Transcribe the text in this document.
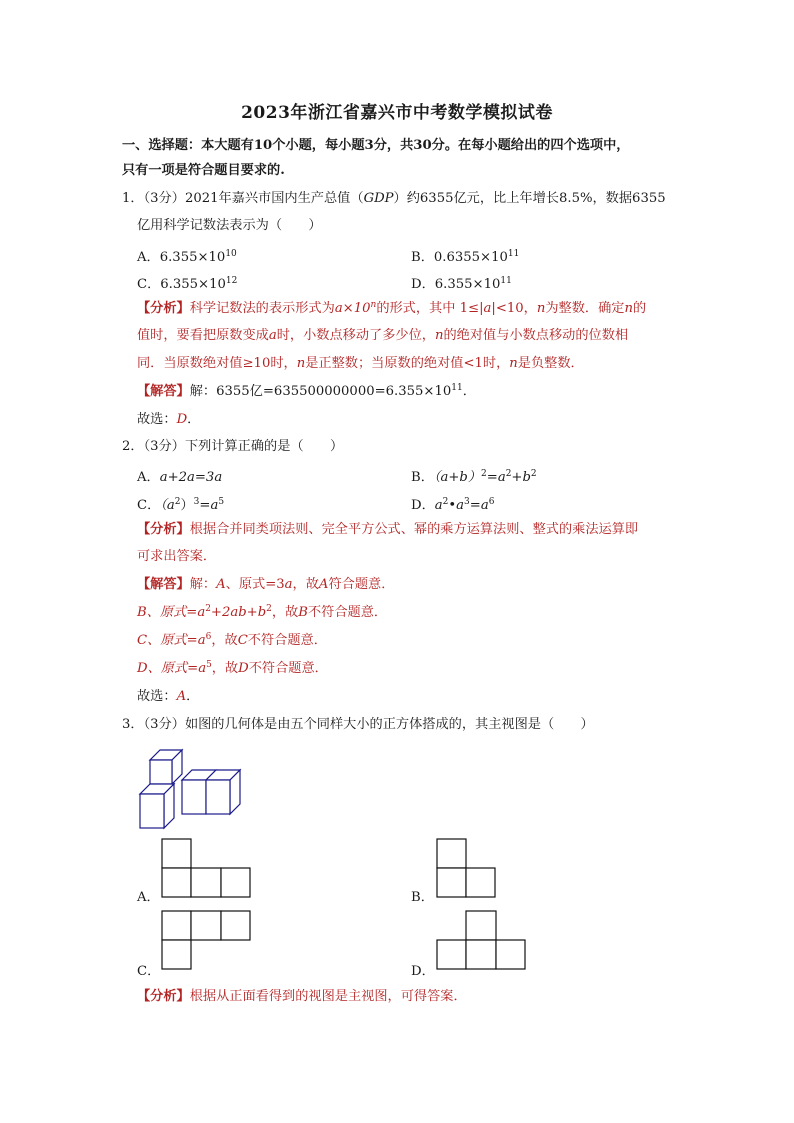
2023年浙江省嘉兴市中考数学模拟试卷
一、选择题：本大题有10个小题，每小题3分，共30分。在每小题给出的四个选项中，
只有一项是符合题目要求的.
1．（3分）2021年嘉兴市国内生产总值（GDP）约6355亿元，比上年增长8.5%，数据6355
亿用科学记数法表示为（　　）
A．$6.355\times 10^{10}$	B．$0.6355\times 10^{11}$
C．$6.355\times 10^{12}$	D．$6.355\times 10^{11}$
【分析】科学记数法的表示形式为$a\times 10^n$的形式，其中 1≤|a|<10，n为整数．确定n的
值时，要看把原数变成a时，小数点移动了多少位，n的绝对值与小数点移动的位数相
同．当原数绝对值≥10时，n是正整数；当原数的绝对值<1时，n是负整数．
【解答】解：6355亿$=635500000000=6.355\times 10^{11}$．
故选：D．
2．（3分）下列计算正确的是（　　）
A．a+2a=3a	B．$(a+b)^2=a^2+b^2$
C．$(a^2)^3=a^5$	D．$a^2•a^3=a^6$
【分析】根据合并同类项法则、完全平方公式、幂的乘方运算法则、整式的乘法运算即
可求出答案．
【解答】解：A、原式=3a，故A符合题意．
B、原式$=a^2+2ab+b^2$，故B不符合题意．
C、原式$=a^6$，故C不符合题意．
D、原式$=a^5$，故D不符合题意．
故选：A．
3．（3分）如图的几何体是由五个同样大小的正方体搭成的，其主视图是（　　）
A．	B．
C．	D．
【分析】根据从正面看得到的视图是主视图，可得答案．
